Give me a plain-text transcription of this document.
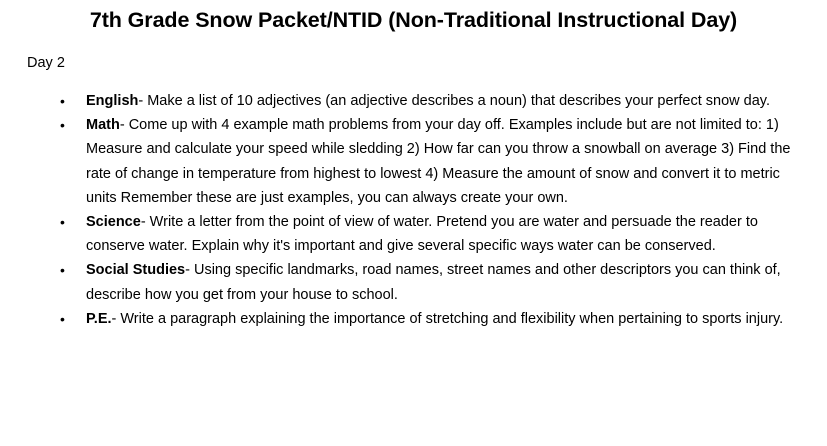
7th Grade Snow Packet/NTID (Non-Traditional Instructional Day)
Day 2
• English- Make a list of 10 adjectives (an adjective describes a noun) that describes your perfect snow day.
• Math- Come up with 4 example math problems from your day off. Examples include but are not limited to: 1) Measure and calculate your speed while sledding 2) How far can you throw a snowball on average 3) Find the rate of change in temperature from highest to lowest 4) Measure the amount of snow and convert it to metric units Remember these are just examples, you can always create your own.
• Science- Write a letter from the point of view of water. Pretend you are water and persuade the reader to conserve water. Explain why it's important and give several specific ways water can be conserved.
• Social Studies- Using specific landmarks, road names, street names and other descriptors you can think of, describe how you get from your house to school.
• P.E.- Write a paragraph explaining the importance of stretching and flexibility when pertaining to sports injury.
